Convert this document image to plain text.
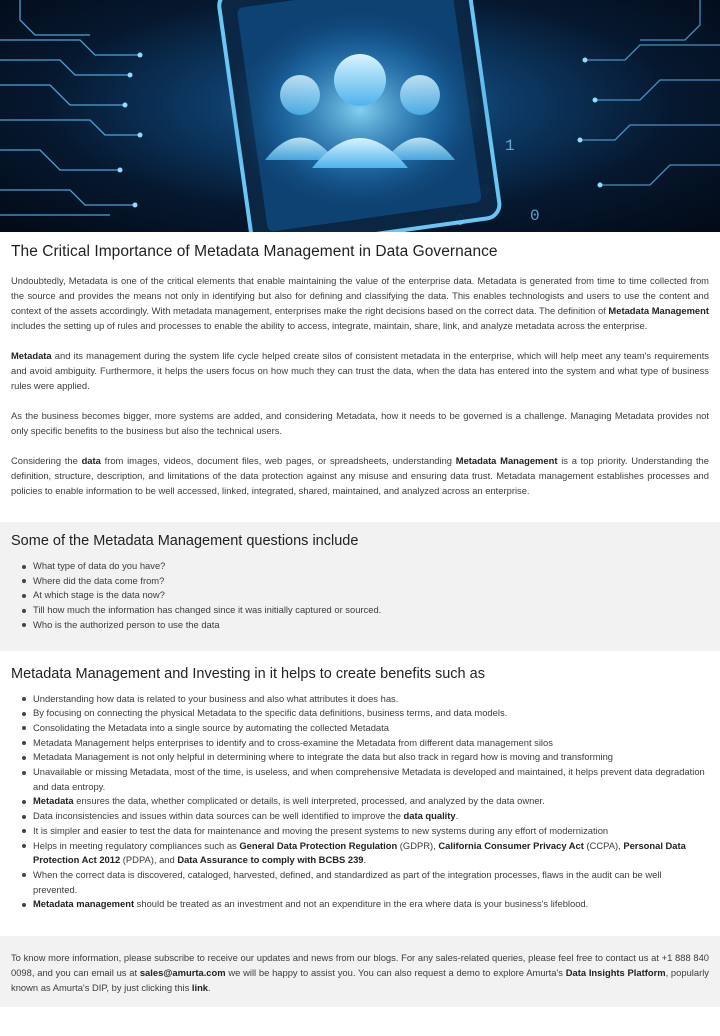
1
0
The Critical Importance of Metadata Management in Data Governance

Undoubtedly, Metadata is one of the critical elements that enable maintaining the value of the enterprise data. Metadata is generated from time to time collected from the source and provides the means not only in identifying but also for defining and classifying the data. This enables technologists and users to use the content and context of the assets accordingly. With metadata management, enterprises make the right decisions based on the correct data. The definition of Metadata Management includes the setting up of rules and processes to enable the ability to access, integrate, maintain, share, link, and analyze metadata across the enterprise.

Metadata and its management during the system life cycle helped create silos of consistent metadata in the enterprise, which will help meet any team's requirements and avoid ambiguity. Furthermore, it helps the users focus on how much they can trust the data, when the data has entered into the system and what type of business rules were applied.

As the business becomes bigger, more systems are added, and considering Metadata, how it needs to be governed is a challenge. Managing Metadata provides not only specific benefits to the business but also the technical users.

Considering the data from images, videos, document files, web pages, or spreadsheets, understanding Metadata Management is a top priority. Understanding the definition, structure, description, and limitations of the data protection against any misuse and ensuring data trust. Metadata management establishes processes and policies to enable information to be well accessed, linked, integrated, shared, maintained, and analyzed across an enterprise.

Some of the Metadata Management questions include
What type of data do you have?
Where did the data come from?
At which stage is the data now?
Till how much the information has changed since it was initially captured or sourced.
Who is the authorized person to use the data
Metadata Management and Investing in it helps to create benefits such as
Understanding how data is related to your business and also what attributes it does has.
By focusing on connecting the physical Metadata to the specific data definitions, business terms, and data models.
Consolidating the Metadata into a single source by automating the collected Metadata
Metadata Management helps enterprises to identify and to cross-examine the Metadata from different data management silos
Metadata Management is not only helpful in determining where to integrate the data but also track in regard how is moving and transforming
Unavailable or missing Metadata, most of the time, is useless, and when comprehensive Metadata is developed and maintained, it helps prevent data degradation and data entropy.
Metadata ensures the data, whether complicated or details, is well interpreted, processed, and analyzed by the data owner.
Data inconsistencies and issues within data sources can be well identified to improve the data quality.
It is simpler and easier to test the data for maintenance and moving the present systems to new systems during any effort of modernization
Helps in meeting regulatory compliances such as General Data Protection Regulation (GDPR), California Consumer Privacy Act (CCPA), Personal Data Protection Act 2012 (PDPA), and Data Assurance to comply with BCBS 239.
When the correct data is discovered, cataloged, harvested, defined, and standardized as part of the integration processes, flaws in the audit can be well prevented.
Metadata management should be treated as an investment and not an expenditure in the era where data is your business's lifeblood.

To know more information, please subscribe to receive our updates and news from our blogs. For any sales-related queries, please feel free to contact us at +1 888 840 0098, and you can email us at sales@amurta.com we will be happy to assist you. You can also request a demo to explore Amurta's Data Insights Platform, popularly known as Amurta's DIP, by just clicking this link.
